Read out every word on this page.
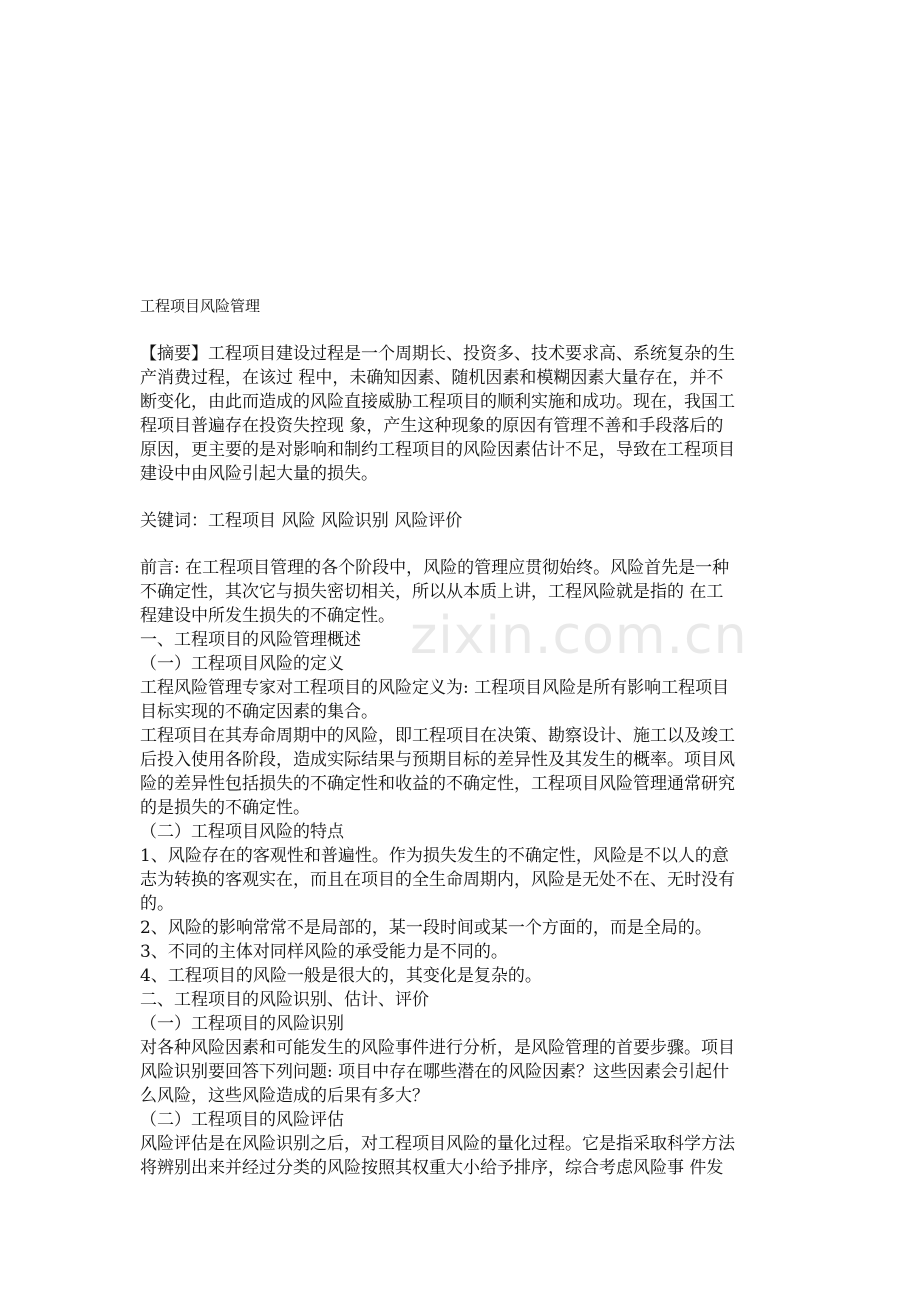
工程项目风险管理
【摘要】工程项目建设过程是一个周期长、投资多、技术要求高、系统复杂的生
产消费过程，在该过 程中，未确知因素、随机因素和模糊因素大量存在，并不
断变化，由此而造成的风险直接威胁工程项目的顺利实施和成功。现在，我国工
程项目普遍存在投资失控现 象，产生这种现象的原因有管理不善和手段落后的
原因，更主要的是对影响和制约工程项目的风险因素估计不足，导致在工程项目
建设中由风险引起大量的损失。
关键词：工程项目 风险 风险识别 风险评价
前言: 在工程项目管理的各个阶段中，风险的管理应贯彻始终。风险首先是一种
不确定性，其次它与损失密切相关，所以从本质上讲，工程风险就是指的 在工
程建设中所发生损失的不确定性。
一、工程项目的风险管理概述
（一）工程项目风险的定义
工程风险管理专家对工程项目的风险定义为: 工程项目风险是所有影响工程项目
目标实现的不确定因素的集合。
工程项目在其寿命周期中的风险，即工程项目在决策、勘察设计、施工以及竣工
后投入使用各阶段，造成实际结果与预期目标的差异性及其发生的概率。项目风
险的差异性包括损失的不确定性和收益的不确定性，工程项目风险管理通常研究
的是损失的不确定性。
（二）工程项目风险的特点
1、风险存在的客观性和普遍性。作为损失发生的不确定性，风险是不以人的意
志为转换的客观实在，而且在项目的全生命周期内，风险是无处不在、无时没有
的。
2、风险的影响常常不是局部的，某一段时间或某一个方面的，而是全局的。
3、不同的主体对同样风险的承受能力是不同的。
4、工程项目的风险一般是很大的，其变化是复杂的。
二、工程项目的风险识别、估计、评价
（一）工程项目的风险识别
对各种风险因素和可能发生的风险事件进行分析，是风险管理的首要步骤。项目
风险识别要回答下列问题: 项目中存在哪些潜在的风险因素？这些因素会引起什
么风险，这些风险造成的后果有多大？
（二）工程项目的风险评估
风险评估是在风险识别之后，对工程项目风险的量化过程。它是指采取科学方法
将辨别出来并经过分类的风险按照其权重大小给予排序，综合考虑风险事 件发
zixin.com.cn
